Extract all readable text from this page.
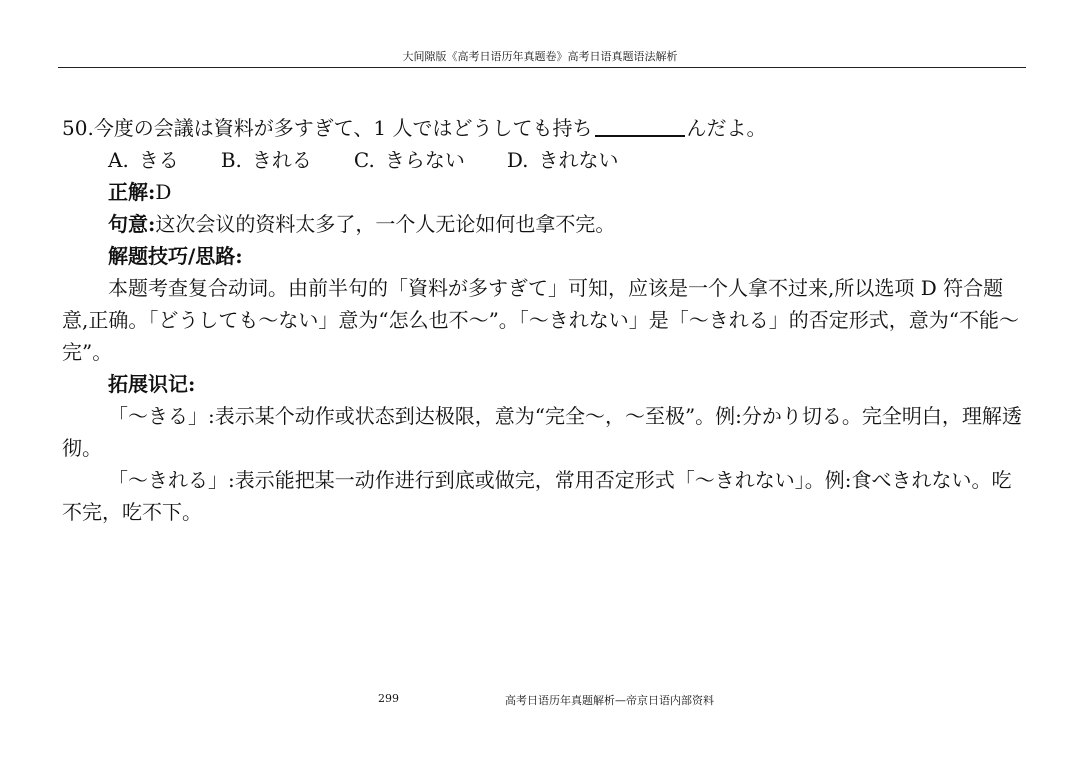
大间隙版《高考日语历年真题卷》高考日语真题语法解析

50.今度の会議は資料が多すぎて、1 人ではどうしても持ち	んだよ。

A. きる B. きれる C. きらない D. きれない

正解:D

句意:这次会议的资料太多了，一个人无论如何也拿不完。

解题技巧/思路:

本题考查复合动词。由前半句的「資料が多すぎて」可知，应该是一个人拿不过来,所以选项 D 符合题意,正确。「どうしても～ない」意为“怎么也不～”。「～きれない」是「～きれる」的否定形式，意为“不能～完”。

拓展识记:

「～きる」:表示某个动作或状态到达极限，意为“完全～，～至极”。例:分かり切る。完全明白，理解透彻。

「～きれる」:表示能把某一动作进行到底或做完，常用否定形式「～きれない」。例:食べきれない。吃不完，吃不下。

299	高考日语历年真题解析—帝京日语内部资料
